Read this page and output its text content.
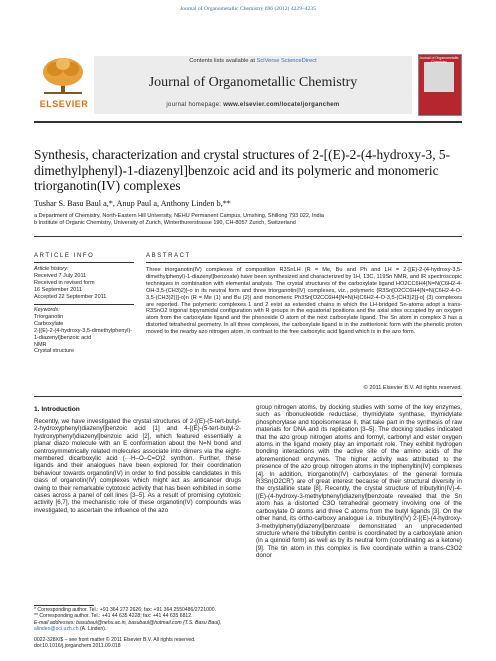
Journal of Organometallic Chemistry 696 (2012) 4229–4235
ELSEVIER
Contents lists available at SciVerse ScienceDirect
Journal of Organometallic Chemistry
journal homepage: www.elsevier.com/locate/jorganchem
Journal of Organometallic Chemistry
Synthesis, characterization and crystal structures of 2-[(E)-2-(4-hydroxy-3, 5-dimethylphenyl)-1-diazenyl]benzoic acid and its polymeric and monomeric triorganotin(IV) complexes
Tushar S. Basu Baul a,*, Anup Paul a, Anthony Linden b,**
a Department of Chemistry, North-Eastern Hill University, NEHU Permanent Campus, Umshing, Shillong 793 022, India
b Institute of Organic Chemistry, University of Zurich, Winterthurerstrasse 190, CH-8057 Zurich, Switzerland
ARTICLE INFO
Article history:
Received 7 July 2011
Received in revised form
16 September 2011
Accepted 22 September 2011
Keywords:
Triorganotin
Carboxylate
2-[(E)-2-(4-hydroxy-3,5-dimethylphenyl)-
1-diazenyl]benzoic acid
NMR
Crystal structure
ABSTRACT
Three triorganotin(IV) complexes of composition R3SnLH (R = Me, Bu and Ph and LH = 2-[(E)-2-(4-hydroxy-3,5-dimethylphenyl)-1-diazenyl]benzoate) have been synthesized and characterized by 1H, 13C, 119Sn NMR, and IR spectroscopic techniques in combination with elemental analysis. The crystal structures of the carboxylate ligand HO2CC6H4{N=N(C6H2-4-OH-3,5-(CH3)2)}-o in its neutral form and three triorganotin(IV) complexes, viz., polymeric {R3Sn[O2CC6H4{N=N(C6H2-4-O-3,5-(CH3)2)}]-o}n (R = Me (1) and Bu (2)) and monomeric Ph3Sn[O2CC6H4{N=N(H)C6H2-4-O-3,5-(CH3)2}]-o] (3) complexes are reported. The polymeric complexes 1 and 2 exist as extended chains in which the LH-bridged Sn-atoms adopt a trans-R3SnO2 trigonal bipyramidal configuration with R groups in the equatorial positions and the axial sites occupied by an oxygen atom from the carboxylate ligand and the phenoxide O atom of the next carboxylate ligand. The Sn atom in complex 3 has a distorted tetrahedral geometry. In all three complexes, the carboxylate ligand is in the zwitterionic form with the phenolic proton moved to the nearby azo nitrogen atom, in contrast to the free carboxylic acid ligand which is in the azo form.
© 2011 Elsevier B.V. All rights reserved.
1. Introduction
Recently, we have investigated the crystal structures of 2-[(E)-(5-tert-butyl-2-hydroxyphenyl)diazenyl]benzoic acid [1] and 4-[(E)-(5-tert-butyl-2-hydroxyphenyl)diazenyl]benzoic acid [2], which featured essentially a planar diazo molecule with an E conformation about the N=N bond and centrosymmetrically related molecules associate into dimers via the eight-membered dicarboxylic acid (···H–O–C=O)2 synthon. Further, these ligands and their analogues have been explored for their coordination behaviour towards organotin(IV) in order to find possible candidates in this class of organotin(IV) complexes which might act as anticancer drugs owing to their remarkable cytotoxic activity that has been exhibited in some cases across a panel of cell lines [3–5]. As a result of promising cytotoxic activity [6,7], the mechanistic role of these organotin(IV) compounds was investigated, to ascertain the influence of the azo
group nitrogen atoms, by docking studies with some of the key enzymes, such as ribonucleotide reductase, thymidylate synthase, thymidylate phosphorylase and topoisomerase II, that take part in the synthesis of raw materials for DNA and its replication [3–5]. The docking studies indicated that the azo group nitrogen atoms and formyl, carbonyl and ester oxygen atoms in the ligand moiety play an important role. They exhibit hydrogen bonding interactions with the active site of the amino acids of the aforementioned enzymes. The higher activity was attributed to the presence of the azo group nitrogen atoms in the triphenyltin(IV) complexes [4]. In addition, triorganotin(IV) carboxylates of the general formula R3Sn(O2CR') are of great interest because of their structural diversity in the crystalline state [8]. Recently, the crystal structure of tributyltin(IV)-4-[(E)-(4-hydroxy-3-methylphenyl)diazenyl]benzoate revealed that the Sn atom has a distorted C3O tetrahedral geometry involving one of the carboxylate O atoms and three C atoms from the butyl ligands [3]. On the other hand, its ortho-carboxy analogue i.e. tributyltin(IV) 2-[(E)-(4-hydroxy-3-methylphenyl)diazenyl]benzoate demonstrated an unprecedented structure where the tributyltin centre is coordinated by a carboxylate anion (in a quinoid form) as well as by its neutral form (coordinating as a ketone) [9]. The tin atom in this complex is five coordinate within a trans-C3O2 donor
* Corresponding author. Tel.: +91 364 272 2626; fax: +91 364 2550486/2721000.
** Corresponding author. Tel.: +41 44 635 4228; fax: +41 44 635 6812.
E-mail addresses: basubaul@nehu.ac.in, basubaul@hotmail.com (T.S. Basu Baul), alinden@oci.uzh.ch (A. Linden).
0022-328X/$ – see front matter © 2011 Elsevier B.V. All rights reserved.
doi:10.1016/j.jorganchem.2011.09.018
